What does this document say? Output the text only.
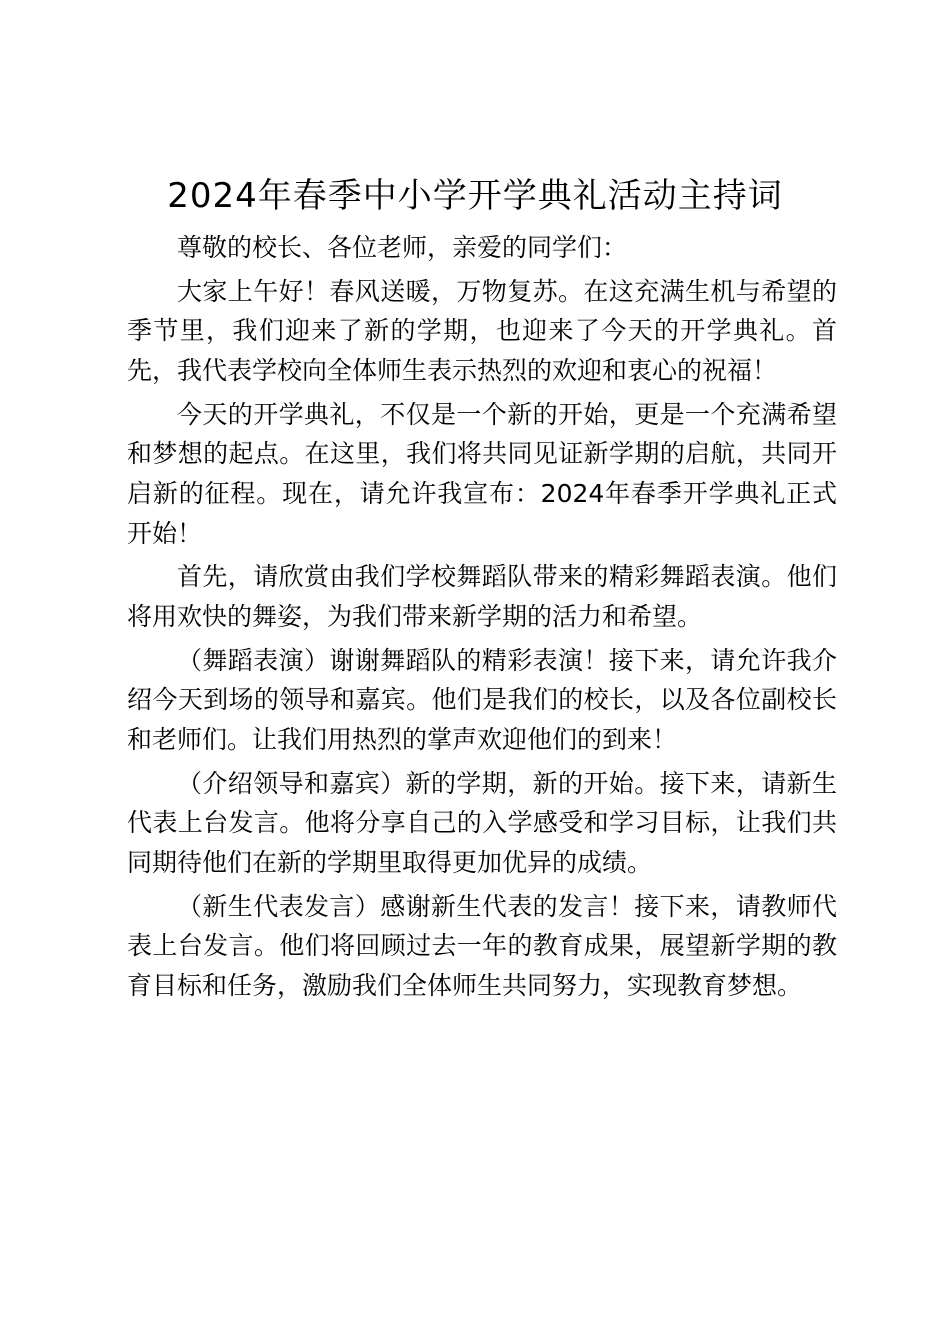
2024年春季中小学开学典礼活动主持词

尊敬的校长、各位老师，亲爱的同学们：

大家上午好！春风送暖，万物复苏。在这充满生机与希望的季节里，我们迎来了新的学期，也迎来了今天的开学典礼。首先，我代表学校向全体师生表示热烈的欢迎和衷心的祝福！

今天的开学典礼，不仅是一个新的开始，更是一个充满希望和梦想的起点。在这里，我们将共同见证新学期的启航，共同开启新的征程。现在，请允许我宣布：2024年春季开学典礼正式开始！

首先，请欣赏由我们学校舞蹈队带来的精彩舞蹈表演。他们将用欢快的舞姿，为我们带来新学期的活力和希望。

（舞蹈表演）谢谢舞蹈队的精彩表演！接下来，请允许我介绍今天到场的领导和嘉宾。他们是我们的校长，以及各位副校长和老师们。让我们用热烈的掌声欢迎他们的到来！

（介绍领导和嘉宾）新的学期，新的开始。接下来，请新生代表上台发言。他将分享自己的入学感受和学习目标，让我们共同期待他们在新的学期里取得更加优异的成绩。

（新生代表发言）感谢新生代表的发言！接下来，请教师代表上台发言。他们将回顾过去一年的教育成果，展望新学期的教育目标和任务，激励我们全体师生共同努力，实现教育梦想。
